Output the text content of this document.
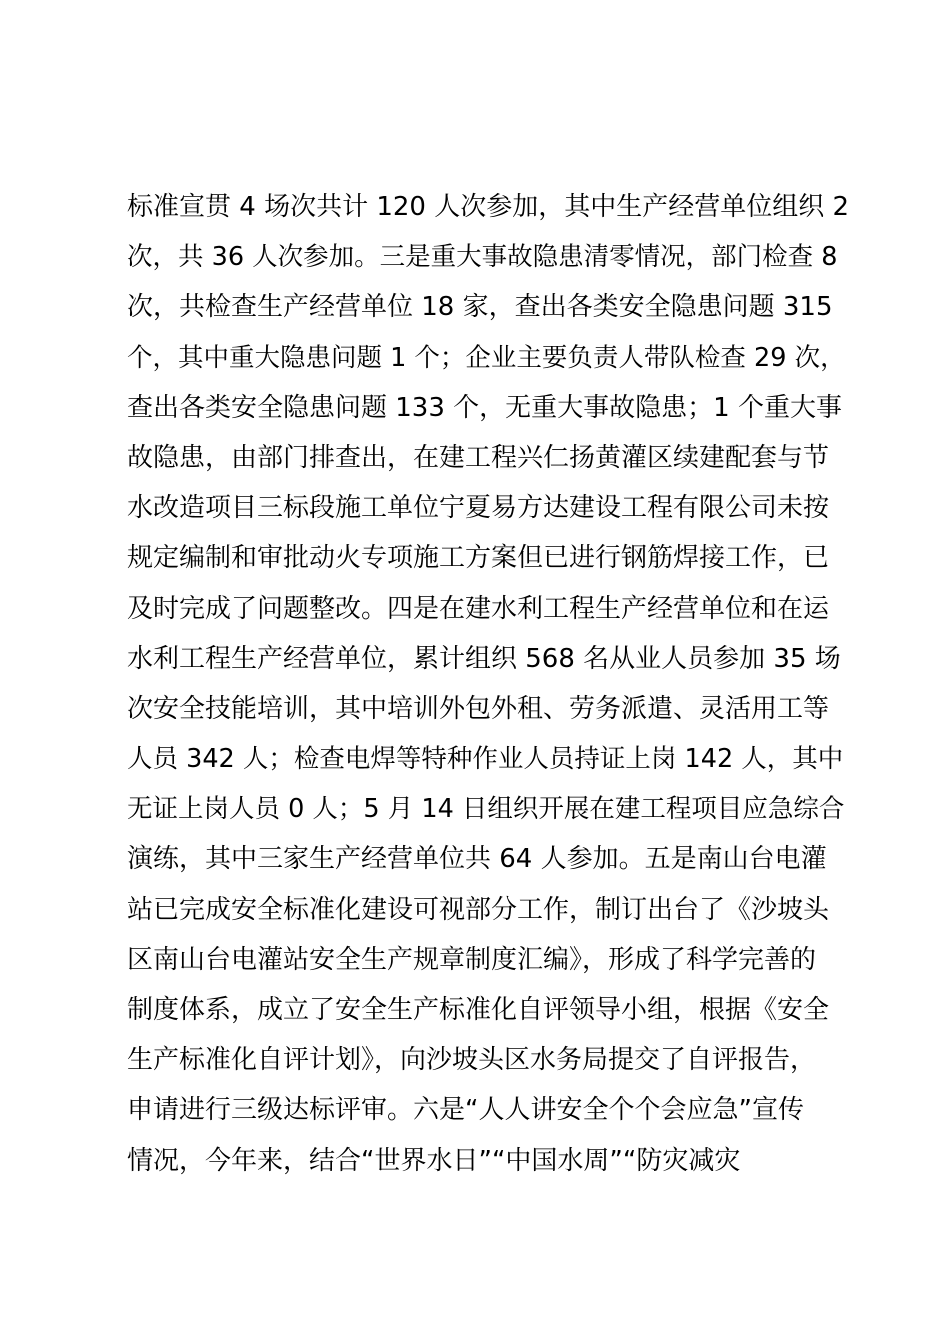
标准宣贯 4 场次共计 120 人次参加，其中生产经营单位组织 2
次，共 36 人次参加。三是重大事故隐患清零情况，部门检查 8
次，共检查生产经营单位 18 家，查出各类安全隐患问题 315
个，其中重大隐患问题 1 个；企业主要负责人带队检查 29 次，
查出各类安全隐患问题 133 个，无重大事故隐患；1 个重大事
故隐患，由部门排查出，在建工程兴仁扬黄灌区续建配套与节
水改造项目三标段施工单位宁夏易方达建设工程有限公司未按
规定编制和审批动火专项施工方案但已进行钢筋焊接工作，已
及时完成了问题整改。四是在建水利工程生产经营单位和在运
水利工程生产经营单位，累计组织 568 名从业人员参加 35 场
次安全技能培训，其中培训外包外租、劳务派遣、灵活用工等
人员 342 人；检查电焊等特种作业人员持证上岗 142 人，其中
无证上岗人员 0 人；5 月 14 日组织开展在建工程项目应急综合
演练，其中三家生产经营单位共 64 人参加。五是南山台电灌
站已完成安全标准化建设可视部分工作，制订出台了《沙坡头
区南山台电灌站安全生产规章制度汇编》，形成了科学完善的
制度体系，成立了安全生产标准化自评领导小组，根据《安全
生产标准化自评计划》，向沙坡头区水务局提交了自评报告，
申请进行三级达标评审。六是“人人讲安全个个会应急”宣传
情况，今年来，结合“世界水日”“中国水周”“防灾减灾
